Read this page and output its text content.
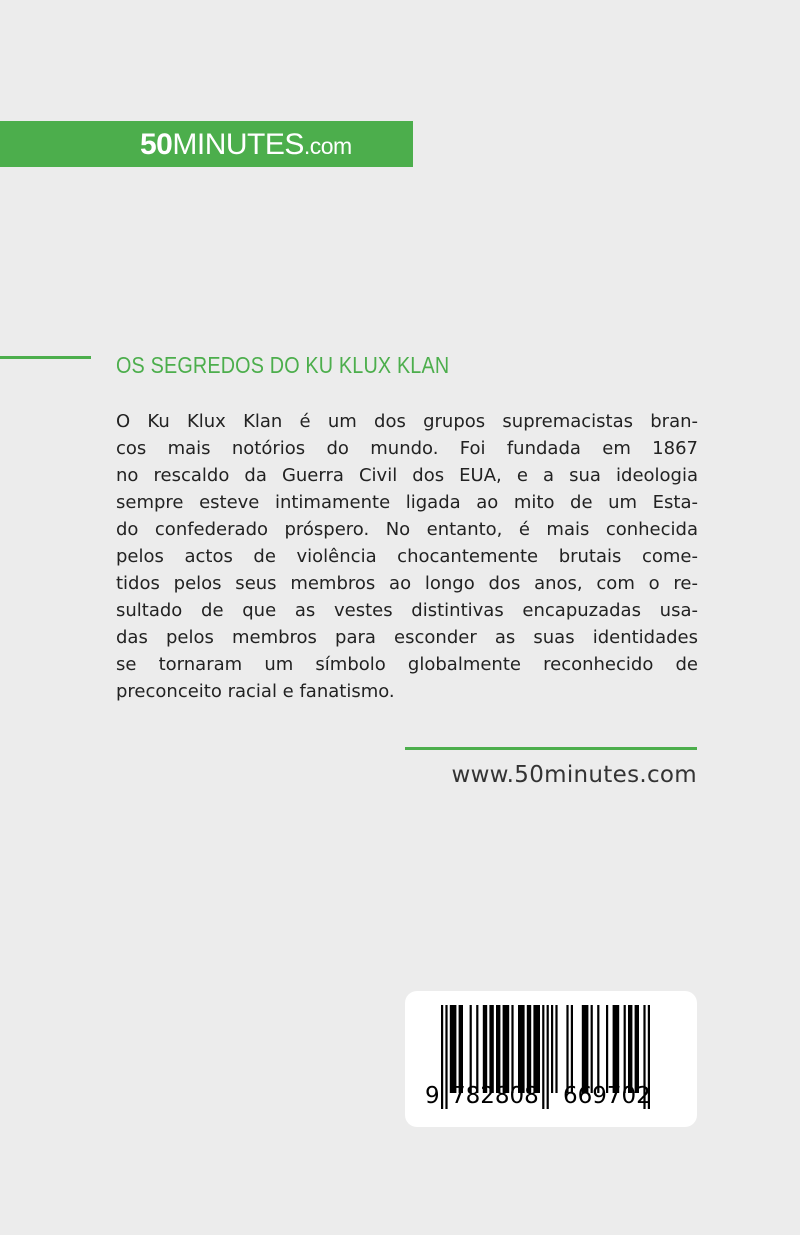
50MINUTES.com
OS SEGREDOS DO KU KLUX KLAN
O Ku Klux Klan é um dos grupos supremacistas bran-
cos mais notórios do mundo. Foi fundada em 1867
no rescaldo da Guerra Civil dos EUA, e a sua ideologia
sempre esteve intimamente ligada ao mito de um Esta-
do confederado próspero. No entanto, é mais conhecida
pelos actos de violência chocantemente brutais come-
tidos pelos seus membros ao longo dos anos, com o re-
sultado de que as vestes distintivas encapuzadas usa-
das pelos membros para esconder as suas identidades
se tornaram um símbolo globalmente reconhecido de
preconceito racial e fanatismo.
www.50minutes.com
9 782808 669702
